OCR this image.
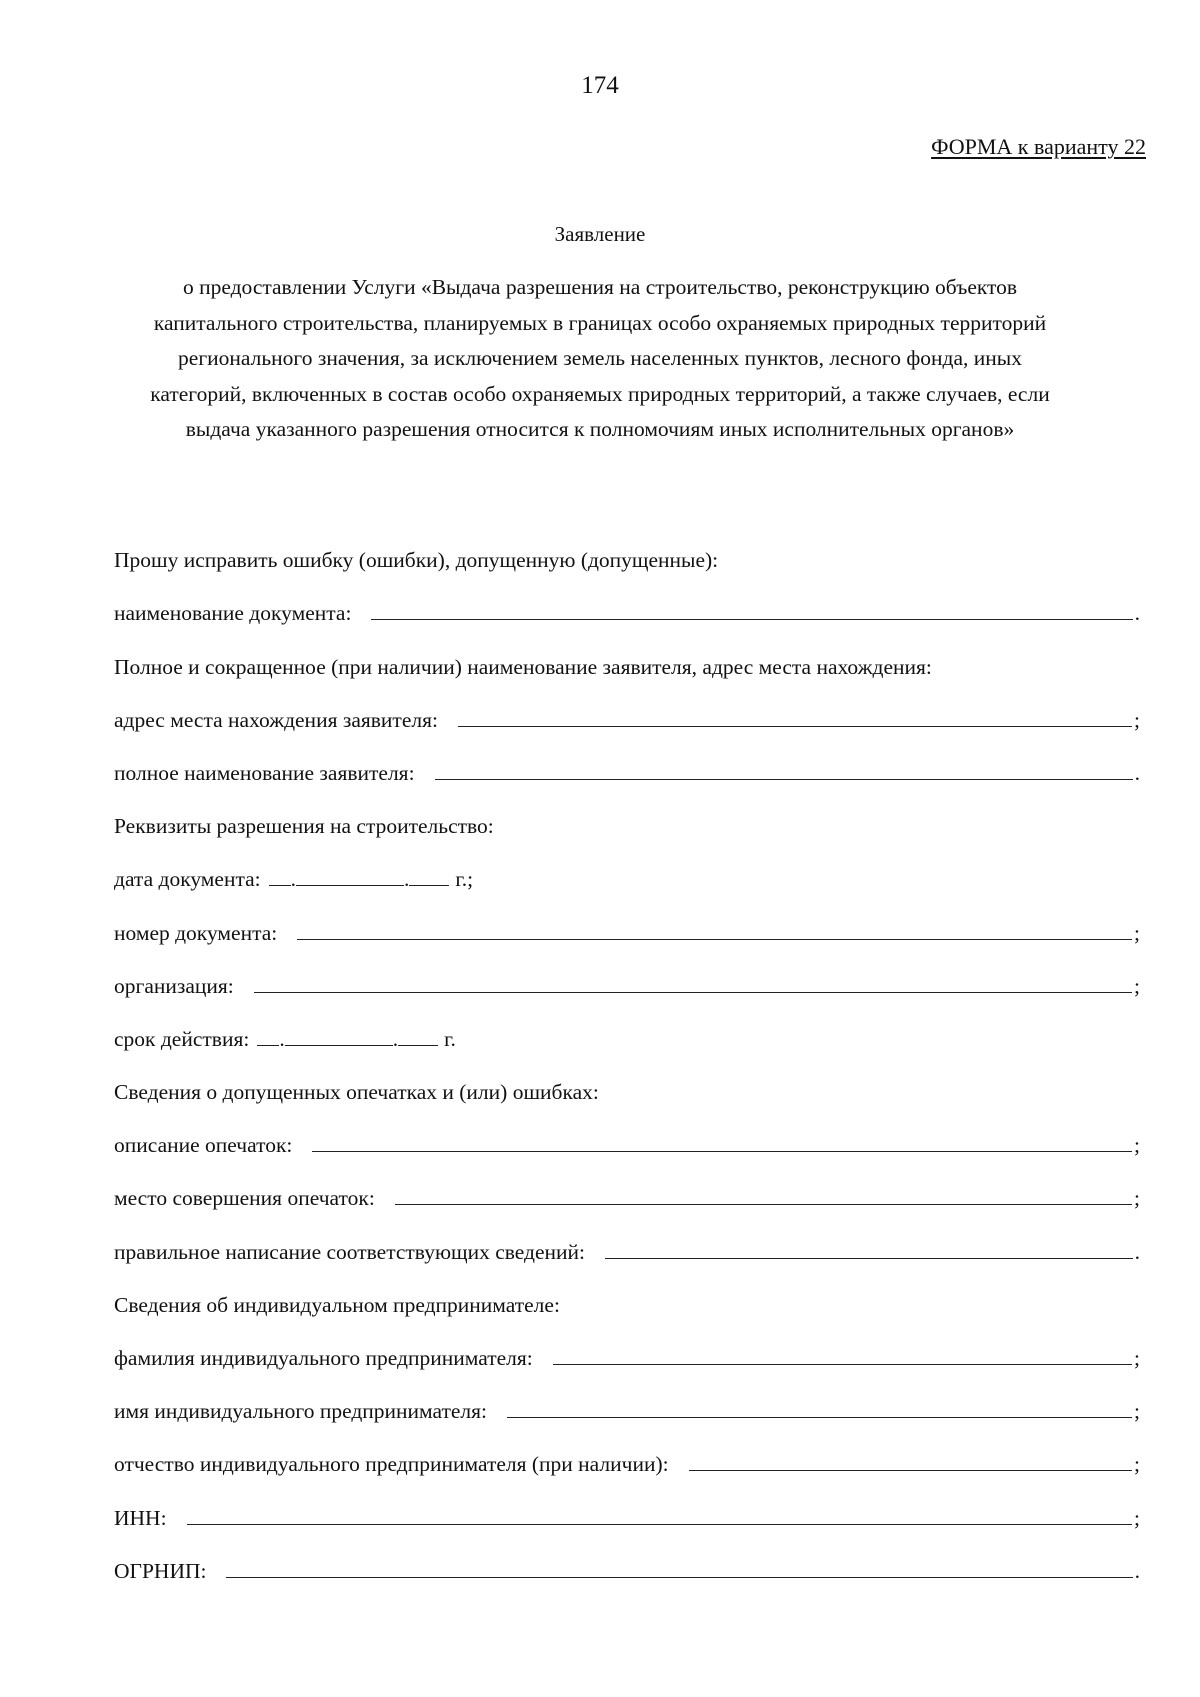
174
ФОРМА к варианту 22
Заявление
о предоставлении Услуги «Выдача разрешения на строительство, реконструкцию объектов
капитального строительства, планируемых в границах особо охраняемых природных территорий
регионального значения, за исключением земель населенных пунктов, лесного фонда, иных
категорий, включенных в состав особо охраняемых природных территорий, а также случаев, если
выдача указанного разрешения относится к полномочиям иных исполнительных органов»
Прошу исправить ошибку (ошибки), допущенную (допущенные):
наименование документа:	.
Полное и сокращенное (при наличии) наименование заявителя, адрес места нахождения:
адрес места нахождения заявителя:	;
полное наименование заявителя:	.
Реквизиты разрешения на строительство:
дата документа:	.	. г.;
номер документа:	;
организация:	;
срок действия:	.	. г.
Сведения о допущенных опечатках и (или) ошибках:
описание опечаток:	;
место совершения опечаток:	;
правильное написание соответствующих сведений:	.
Сведения об индивидуальном предпринимателе:
фамилия индивидуального предпринимателя:	;
имя индивидуального предпринимателя:	;
отчество индивидуального предпринимателя (при наличии):	;
ИНН:	;
ОГРНИП:	.
